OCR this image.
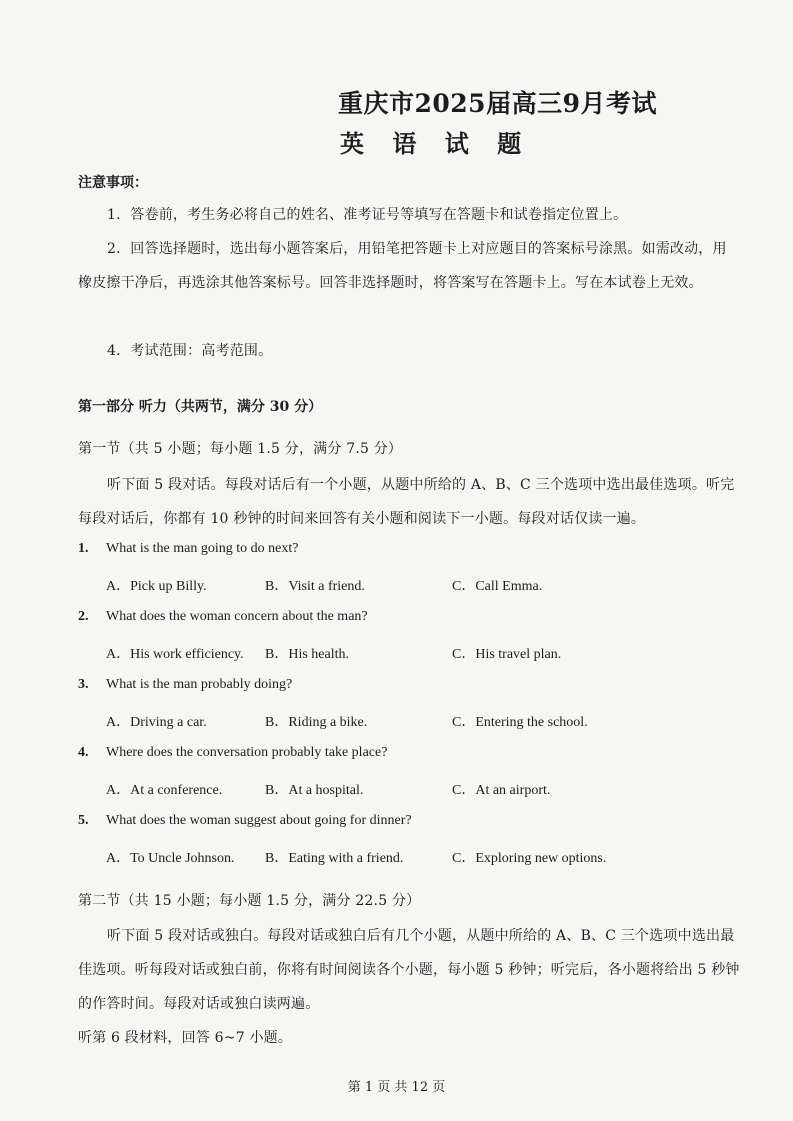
重庆市2025届高三9月考试
英 语 试 题
注意事项：
1．答卷前，考生务必将自己的姓名、准考证号等填写在答题卡和试卷指定位置上。
2．回答选择题时，选出每小题答案后，用铅笔把答题卡上对应题目的答案标号涂黑。如需改动，用
橡皮擦干净后，再选涂其他答案标号。回答非选择题时，将答案写在答题卡上。写在本试卷上无效。
4．考试范围：高考范围。
第一部分 听力（共两节，满分 30 分）
第一节（共 5 小题；每小题 1.5 分，满分 7.5 分）
听下面 5 段对话。每段对话后有一个小题，从题中所给的 A、B、C 三个选项中选出最佳选项。听完
每段对话后，你都有 10 秒钟的时间来回答有关小题和阅读下一小题。每段对话仅读一遍。
1. What is the man going to do next?
A．Pick up Billy.	B．Visit a friend.	C．Call Emma.
2. What does the woman concern about the man?
A．His work efficiency. B．His health.	C．His travel plan.
3. What is the man probably doing?
A．Driving a car.	B．Riding a bike.	C．Entering the school.
4. Where does the conversation probably take place?
A．At a conference.	B．At a hospital.	C．At an airport.
5. What does the woman suggest about going for dinner?
A．To Uncle Johnson. B．Eating with a friend.	C．Exploring new options.
第二节（共 15 小题；每小题 1.5 分，满分 22.5 分）
听下面 5 段对话或独白。每段对话或独白后有几个小题，从题中所给的 A、B、C 三个选项中选出最
佳选项。听每段对话或独白前，你将有时间阅读各个小题，每小题 5 秒钟；听完后，各小题将给出 5 秒钟
的作答时间。每段对话或独白读两遍。
听第 6 段材料，回答 6~7 小题。
第 1 页 共 12 页
